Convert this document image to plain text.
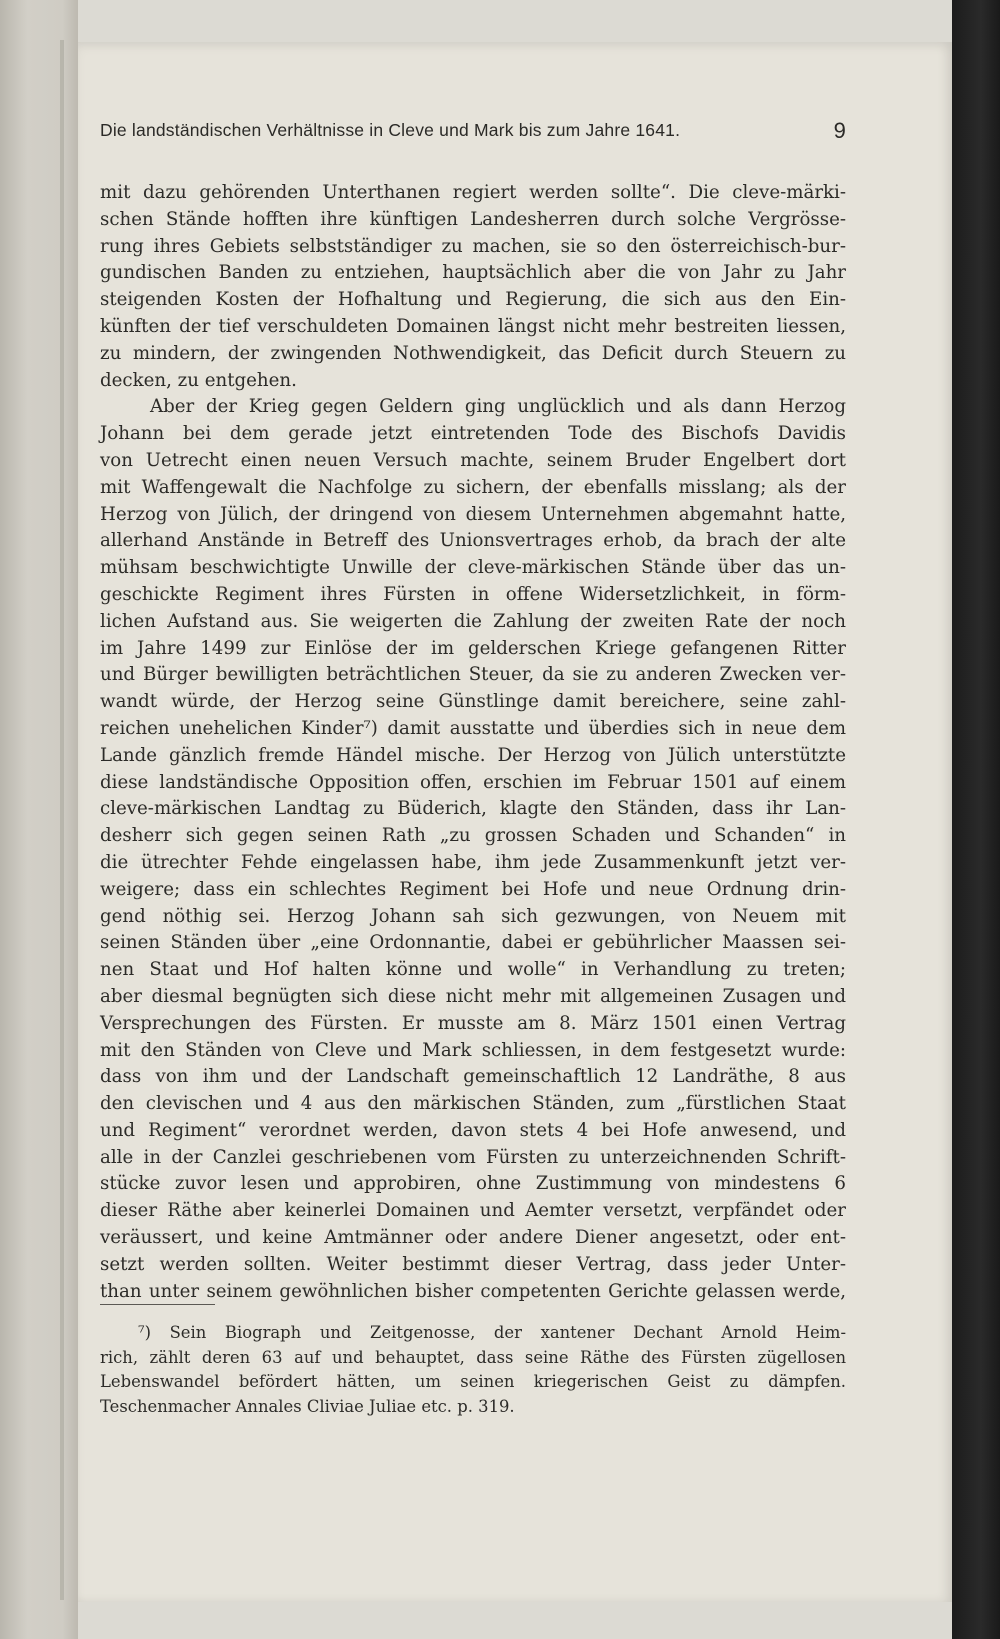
Die landständischen Verhältnisse in Cleve und Mark bis zum Jahre 1641.	9
mit dazu gehörenden Unterthanen regiert werden sollte“. Die cleve-märki-
schen Stände hofften ihre künftigen Landesherren durch solche Vergrösse-
rung ihres Gebiets selbstständiger zu machen, sie so den österreichisch-bur-
gundischen Banden zu entziehen, hauptsächlich aber die von Jahr zu Jahr
steigenden Kosten der Hofhaltung und Regierung, die sich aus den Ein-
künften der tief verschuldeten Domainen längst nicht mehr bestreiten liessen,
zu mindern, der zwingenden Nothwendigkeit, das Deficit durch Steuern zu
decken, zu entgehen.
Aber der Krieg gegen Geldern ging unglücklich und als dann Herzog
Johann bei dem gerade jetzt eintretenden Tode des Bischofs Davidis
von Uetrecht einen neuen Versuch machte, seinem Bruder Engelbert dort
mit Waffengewalt die Nachfolge zu sichern, der ebenfalls misslang; als der
Herzog von Jülich, der dringend von diesem Unternehmen abgemahnt hatte,
allerhand Anstände in Betreff des Unionsvertrages erhob, da brach der alte
mühsam beschwichtigte Unwille der cleve-märkischen Stände über das un-
geschickte Regiment ihres Fürsten in offene Widersetzlichkeit, in förm-
lichen Aufstand aus. Sie weigerten die Zahlung der zweiten Rate der noch
im Jahre 1499 zur Einlöse der im gelderschen Kriege gefangenen Ritter
und Bürger bewilligten beträchtlichen Steuer, da sie zu anderen Zwecken ver-
wandt würde, der Herzog seine Günstlinge damit bereichere, seine zahl-
reichen unehelichen Kinder⁷) damit ausstatte und überdies sich in neue dem
Lande gänzlich fremde Händel mische. Der Herzog von Jülich unterstützte
diese landständische Opposition offen, erschien im Februar 1501 auf einem
cleve-märkischen Landtag zu Büderich, klagte den Ständen, dass ihr Lan-
desherr sich gegen seinen Rath „zu grossen Schaden und Schanden“ in
die ütrechter Fehde eingelassen habe, ihm jede Zusammenkunft jetzt ver-
weigere; dass ein schlechtes Regiment bei Hofe und neue Ordnung drin-
gend nöthig sei. Herzog Johann sah sich gezwungen, von Neuem mit
seinen Ständen über „eine Ordonnantie, dabei er gebührlicher Maassen sei-
nen Staat und Hof halten könne und wolle“ in Verhandlung zu treten;
aber diesmal begnügten sich diese nicht mehr mit allgemeinen Zusagen und
Versprechungen des Fürsten. Er musste am 8. März 1501 einen Vertrag
mit den Ständen von Cleve und Mark schliessen, in dem festgesetzt wurde:
dass von ihm und der Landschaft gemeinschaftlich 12 Landräthe, 8 aus
den clevischen und 4 aus den märkischen Ständen, zum „fürstlichen Staat
und Regiment“ verordnet werden, davon stets 4 bei Hofe anwesend, und
alle in der Canzlei geschriebenen vom Fürsten zu unterzeichnenden Schrift-
stücke zuvor lesen und approbiren, ohne Zustimmung von mindestens 6
dieser Räthe aber keinerlei Domainen und Aemter versetzt, verpfändet oder
veräussert, und keine Amtmänner oder andere Diener angesetzt, oder ent-
setzt werden sollten. Weiter bestimmt dieser Vertrag, dass jeder Unter-
than unter seinem gewöhnlichen bisher competenten Gerichte gelassen werde,
⁷) Sein Biograph und Zeitgenosse, der xantener Dechant Arnold Heim-
rich, zählt deren 63 auf und behauptet, dass seine Räthe des Fürsten zügellosen
Lebenswandel befördert hätten, um seinen kriegerischen Geist zu dämpfen.
Teschenmacher Annales Cliviae Juliae etc. p. 319.
